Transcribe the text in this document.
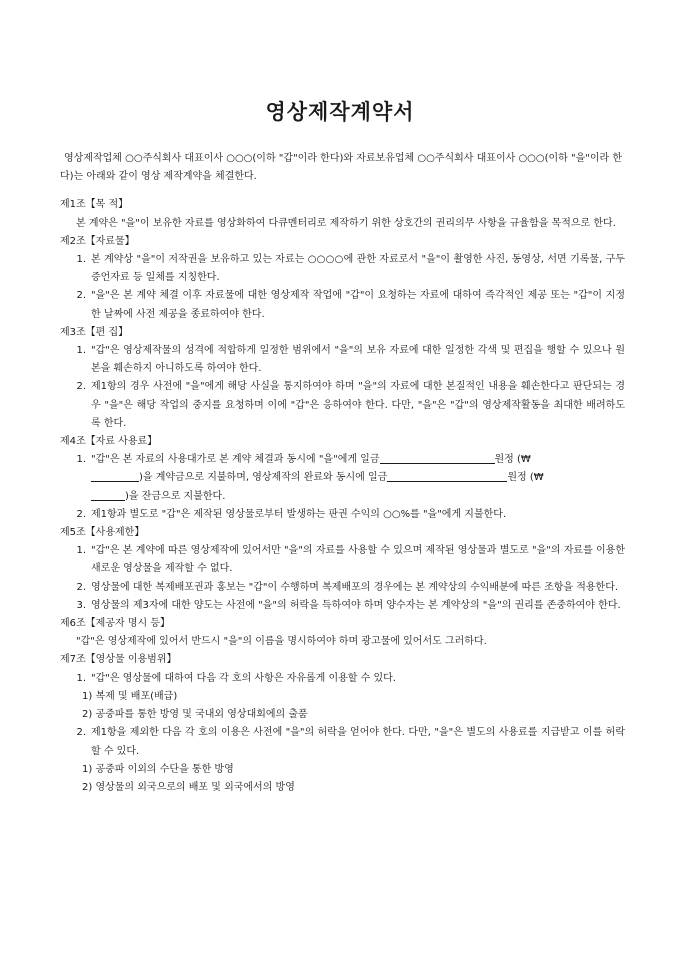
영상제작계약서
영상제작업체 ○○주식회사 대표이사 ○○○(이하 "갑"이라 한다)와 자료보유업체 ○○주식회사 대표이사 ○○○(이하 "을"이라 한다)는 아래와 같이 영상 제작계약을 체결한다.
제1조【목 적】
본 계약은 "을"이 보유한 자료를 영상화하여 다큐멘터리로 제작하기 위한 상호간의 권리의무 사항을 규율함을 목적으로 한다.
제2조【자료물】
1. 본 계약상 "을"이 저작권을 보유하고 있는 자료는 ○○○○에 관한 자료로서 "을"이 촬영한 사진, 동영상, 서면 기록물, 구두 증언자료 등 일체를 지칭한다.
2. "을"은 본 계약 체결 이후 자료물에 대한 영상제작 작업에 "갑"이 요청하는 자료에 대하여 즉각적인 제공 또는 "갑"이 지정한 날짜에 사전 제공을 종료하여야 한다.
제3조【편 집】
1. "갑"은 영상제작물의 성격에 적합하게 일정한 범위에서 "을"의 보유 자료에 대한 일정한 각색 및 편집을 행할 수 있으나 원본을 훼손하지 아니하도록 하여야 한다.
2. 제1항의 경우 사전에 "을"에게 해당 사실을 통지하여야 하며 "을"의 자료에 대한 본질적인 내용을 훼손한다고 판단되는 경우 "을"은 해당 작업의 중지를 요청하며 이에 "갑"은 응하여야 한다. 다만, "을"은 "갑"의 영상제작활동을 최대한 배려하도록 한다.
제4조【자료 사용료】
1. "갑"은 본 자료의 사용대가로 본 계약 체결과 동시에 "을"에게 일금	원정 (₩
)을 계약금으로 지불하며, 영상제작의 완료와 동시에 일금	원정 (₩
)을 잔금으로 지불한다.
2. 제1항과 별도로 "갑"은 제작된 영상물로부터 발생하는 판권 수익의 ○○%를 "을"에게 지불한다.
제5조【사용제한】
1. "갑"은 본 계약에 따른 영상제작에 있어서만 "을"의 자료를 사용할 수 있으며 제작된 영상물과 별도로 "을"의 자료를 이용한 새로운 영상물을 제작할 수 없다.
2. 영상물에 대한 복제배포권과 홍보는 "갑"이 수행하며 복제배포의 경우에는 본 계약상의 수익배분에 따른 조항을 적용한다.
3. 영상물의 제3자에 대한 양도는 사전에 "을"의 허락을 득하여야 하며 양수자는 본 계약상의 "을"의 권리를 존중하여야 한다.
제6조【제공자 명시 등】
"갑"은 영상제작에 있어서 반드시 "을"의 이름을 명시하여야 하며 광고물에 있어서도 그러하다.
제7조【영상물 이용범위】
1. "갑"은 영상물에 대하여 다음 각 호의 사항은 자유롭게 이용할 수 있다.
1) 복제 및 배포(배급)
2) 공중파를 통한 방영 및 국내외 영상대회에의 출품
2. 제1항을 제외한 다음 각 호의 이용은 사전에 "을"의 허락을 얻어야 한다. 다만, "을"은 별도의 사용료를 지급받고 이를 허락할 수 있다.
1) 공중파 이외의 수단을 통한 방영
2) 영상물의 외국으로의 배포 및 외국에서의 방영
